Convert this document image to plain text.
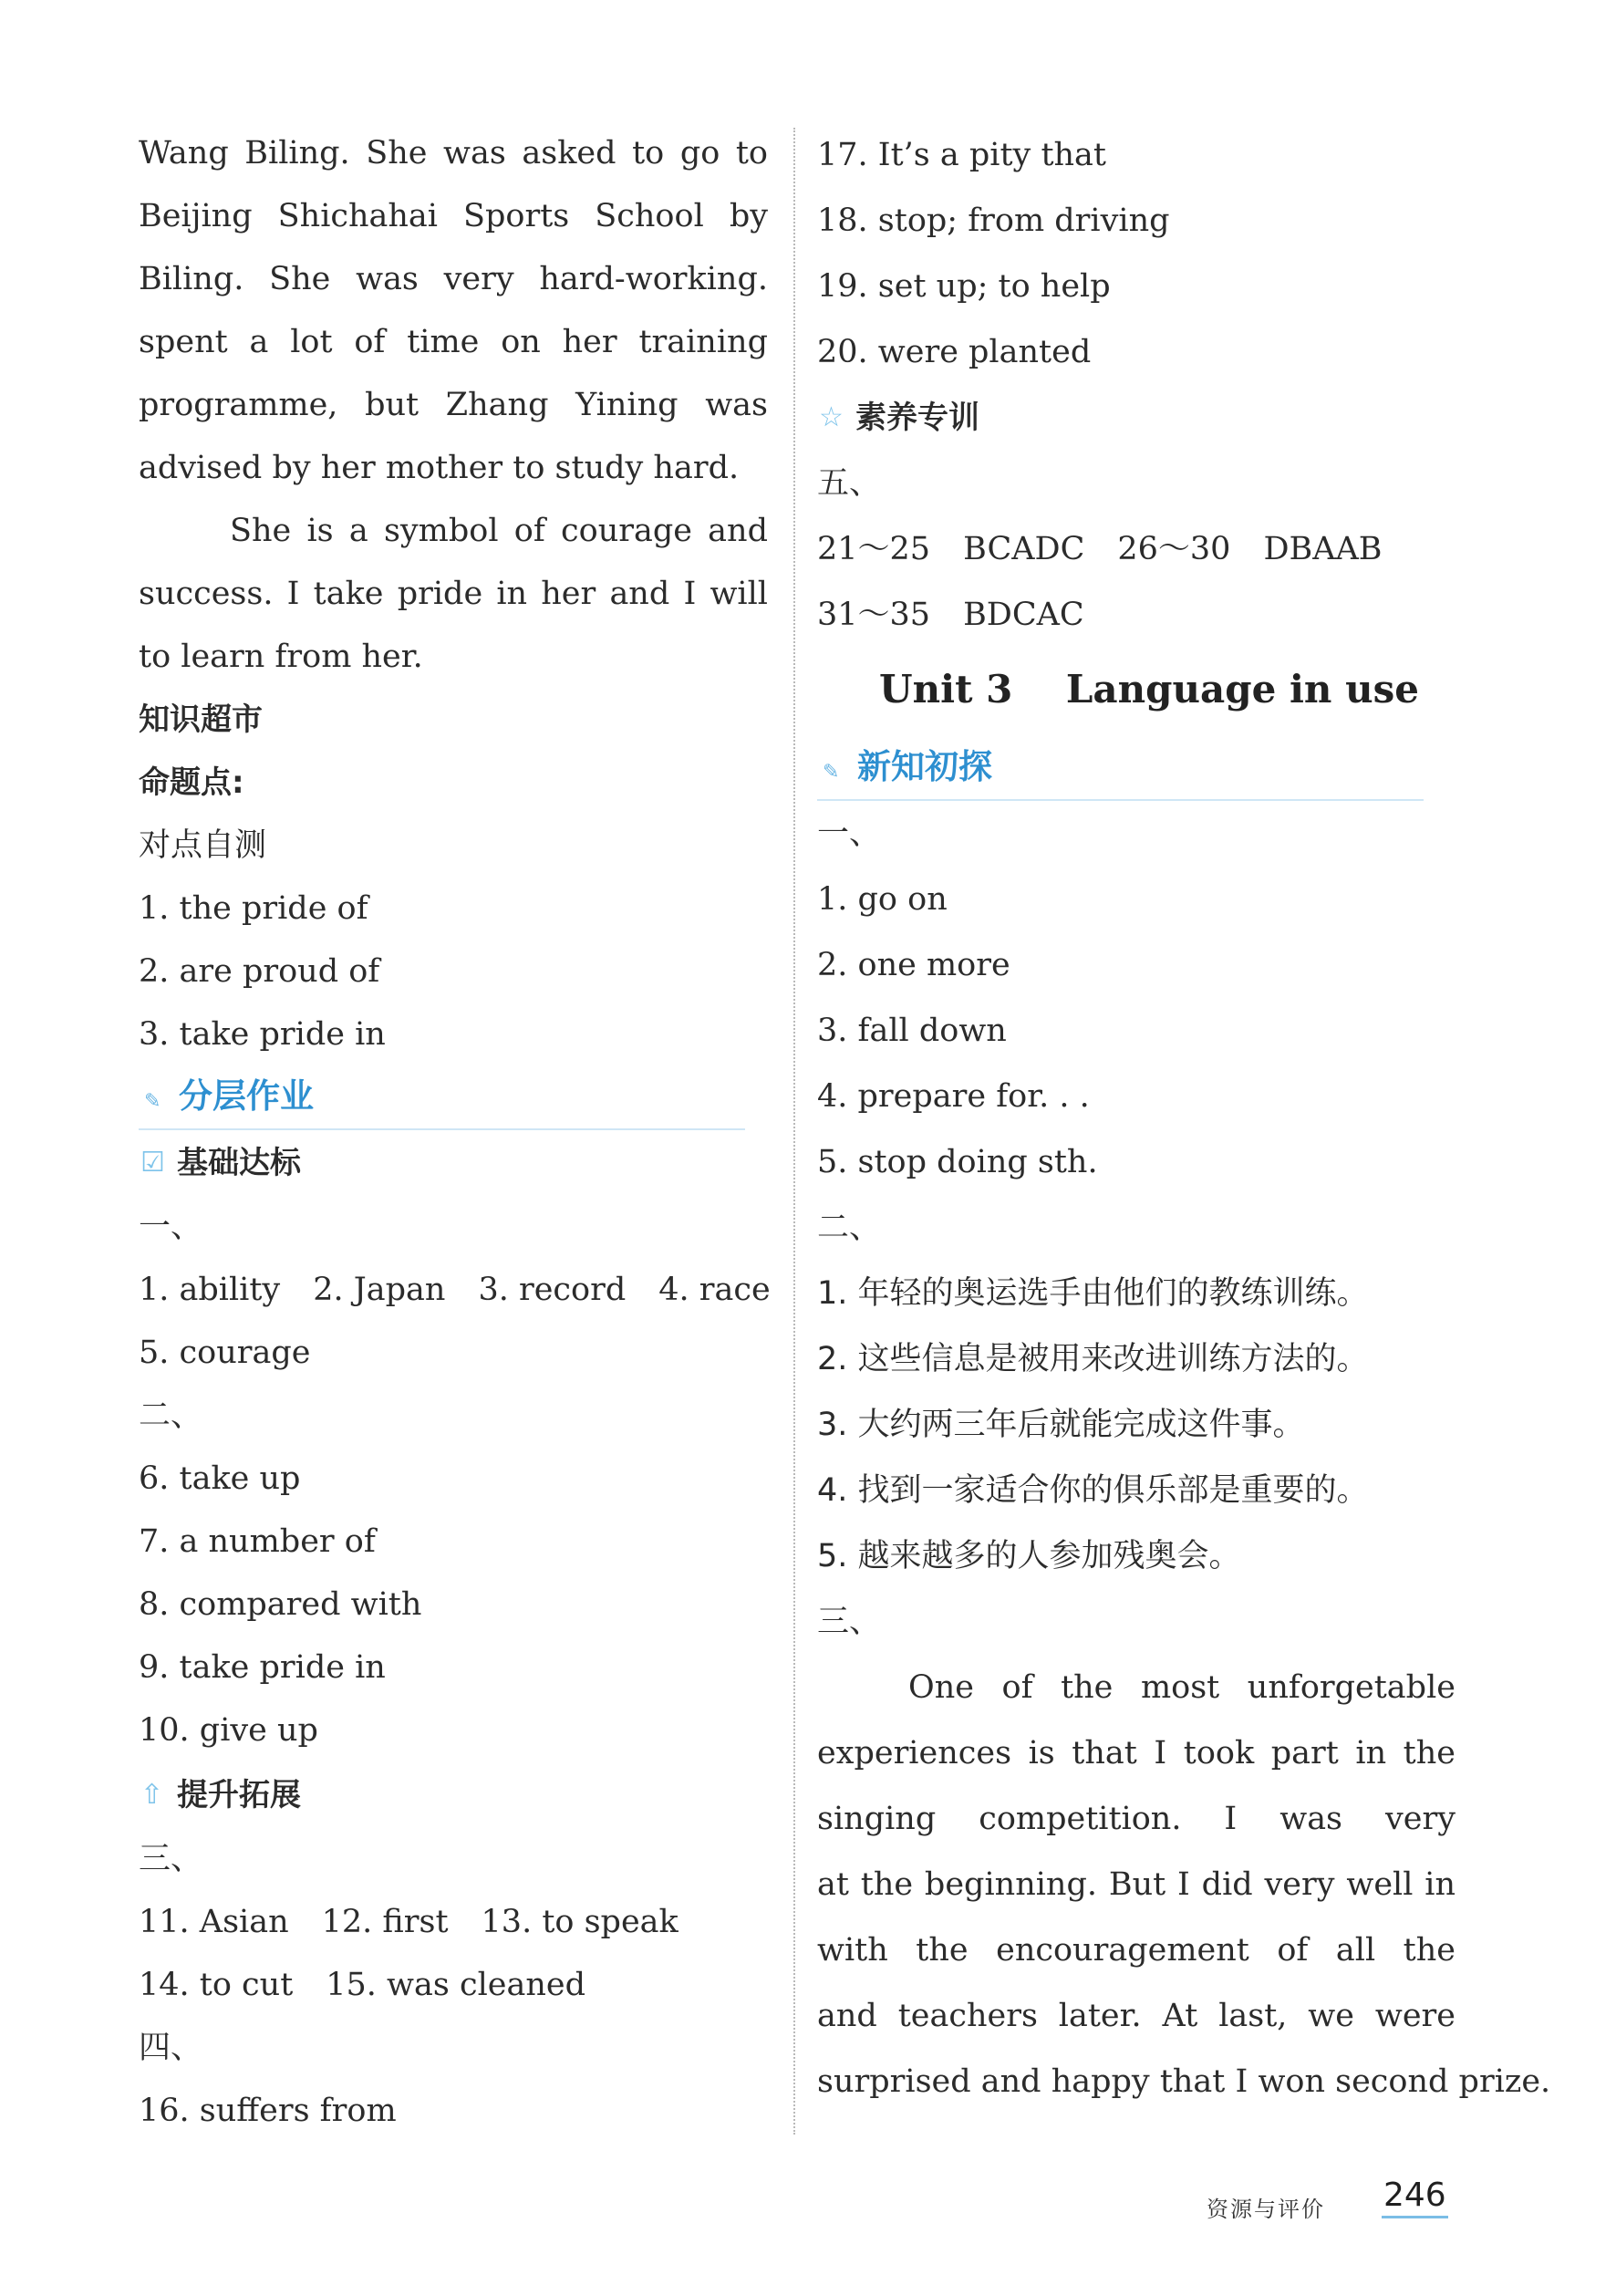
Wang Biling. She was asked to go to
Beijing Shichahai Sports School by
Biling. She was very hard-working.
spent a lot of time on her training
programme, but Zhang Yining was
advised by her mother to study hard.
She is a symbol of courage and
success. I take pride in her and I will
to learn from her.
知识超市
命题点:
对点自测
1. the pride of
2. are proud of
3. take pride in
✎ 分层作业
☑ 基础达标
一、
1. ability 2. Japan 3. record 4. race
5. courage
二、
6. take up
7. a number of
8. compared with
9. take pride in
10. give up
⇧ 提升拓展
三、
11. Asian 12. first 13. to speak
14. to cut 15. was cleaned
四、
16. suffers from
17. It’s a pity that
18. stop; from driving
19. set up; to help
20. were planted
☆ 素养专训
五、
21～25 BCADC 26～30 DBAAB
31～35 BDCAC
Unit 3    Language in use
✎ 新知初探
一、
1. go on
2. one more
3. fall down
4. prepare for. . .
5. stop doing sth.
二、
1. 年轻的奥运选手由他们的教练训练。
2. 这些信息是被用来改进训练方法的。
3. 大约两三年后就能完成这件事。
4. 找到一家适合你的俱乐部是重要的。
5. 越来越多的人参加残奥会。
三、
One of the most unforgetable
experiences is that I took part in the
singing competition. I was very
at the beginning. But I did very well in
with the encouragement of all the
and teachers later. At last, we were
surprised and happy that I won second prize.
资源与评价 246
